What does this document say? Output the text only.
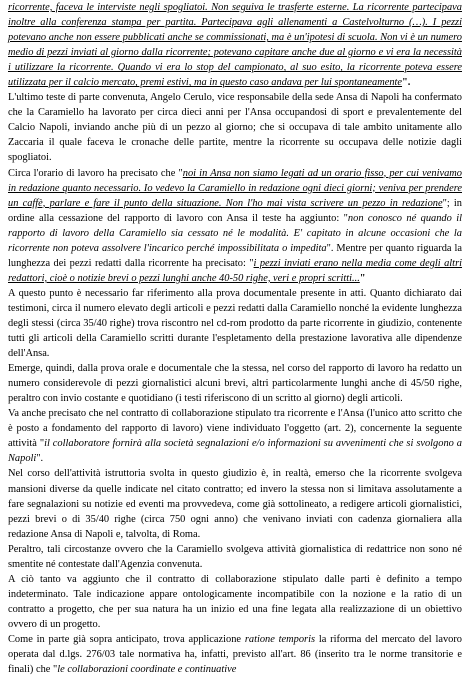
ricorrente, faceva le interviste negli spogliatoi. Non seguiva le trasferte esterne. La ricorrente partecipava inoltre alla conferenza stampa per partita. Partecipava agli allenamenti a Castelvolturno (…). I pezzi potevano anche non essere pubblicati anche se commissionati, ma è un'ipotesi di scuola. Non vi è un numero medio di pezzi inviati al giorno dalla ricorrente; potevano capitare anche due al giorno e vi era la necessità i utilizzare la ricorrente. Quando vi era lo stop del campionato, al suo esito, la ricorrente poteva essere utilizzata per il calcio mercato, premi estivi, ma in questo caso andava per lui spontaneamente".

L'ultimo teste di parte convenuta, Angelo Cerulo, vice responsabile della sede Ansa di Napoli ha confermato che la Caramiello ha lavorato per circa dieci anni per l'Ansa occupandosi di sport e prevalentemente del Calcio Napoli, inviando anche più di un pezzo al giorno; che si occupava di tale ambito unitamente allo Zaccaria il quale faceva le cronache delle partite, mentre la ricorrente su occupava delle notizie dagli spogliatoi.

Circa l'orario di lavoro ha precisato che "noi in Ansa non siamo legati ad un orario fisso, per cui venivamo in redazione quanto necessario. Io vedevo la Caramiello in redazione ogni dieci giorni; veniva per prendere un caffè, parlare e fare il punto della situazione. Non l'ho mai vista scrivere un pezzo in redazione"; in ordine alla cessazione del rapporto di lavoro con Ansa il teste ha aggiunto: "non conosco né quando il rapporto di lavoro della Caramiello sia cessato né le modalità. E' capitato in alcune occasioni che la ricorrente non poteva assolvere l'incarico perché impossibilitata o impedita". Mentre per quanto riguarda la lunghezza dei pezzi redatti dalla ricorrente ha precisato: "i pezzi inviati erano nella media come degli altri redattori, cioè o notizie brevi o pezzi lunghi anche 40-50 righe, veri e propri scritti..."

A questo punto è necessario far riferimento alla prova documentale presente in atti. Quanto dichiarato dai testimoni, circa il numero elevato degli articoli e pezzi redatti dalla Caramiello nonché la evidente lunghezza degli stessi (circa 35/40 righe) trova riscontro nel cd-rom prodotto da parte ricorrente in giudizio, contenente tutti gli articoli della Caramiello scritti durante l'espletamento della prestazione lavorativa alle dipendenze dell'Ansa.

Emerge, quindi, dalla prova orale e documentale che la stessa, nel corso del rapporto di lavoro ha redatto un numero considerevole di pezzi giornalistici alcuni brevi, altri particolarmente lunghi anche di 45/50 righe, peraltro con invio costante e quotidiano (i testi riferiscono di un scritto al giorno) degli articoli.

Va anche precisato che nel contratto di collaborazione stipulato tra ricorrente e l'Ansa (l'unico atto scritto che è posto a fondamento del rapporto di lavoro) viene individuato l'oggetto (art. 2), concernente la seguente attività "il collaboratore fornirà alla società segnalazioni e/o informazioni su avvenimenti che si svolgono a Napoli".

Nel corso dell'attività istruttoria svolta in questo giudizio è, in realtà, emerso che la ricorrente svolgeva mansioni diverse da quelle indicate nel citato contratto; ed invero la stessa non si limitava assolutamente a fare segnalazioni su notizie ed eventi ma provvedeva, come già sottolineato, a redigere articoli giornalistici, pezzi brevi o di 35/40 righe (circa 750 ogni anno) che venivano inviati con cadenza giornaliera alla redazione Ansa di Napoli e, talvolta, di Roma.

Peraltro, tali circostanze ovvero che la Caramiello svolgeva attività giornalistica di redattrice non sono né smentite né contestate dall'Agenzia convenuta.

A ciò tanto va aggiunto che il contratto di collaborazione stipulato dalle parti è definito a tempo indeterminato. Tale indicazione appare ontologicamente incompatibile con la nozione e la ratio di un contratto a progetto, che per sua natura ha un inizio ed una fine legata alla realizzazione di un obiettivo ovvero di un progetto.

Come in parte già sopra anticipato, trova applicazione ratione temporis la riforma del mercato del lavoro operata dal d.lgs. 276/03 tale normativa ha, infatti, previsto all'art. 86 (inserito tra le norme transitorie e finali) che "le collaborazioni coordinate e continuative
